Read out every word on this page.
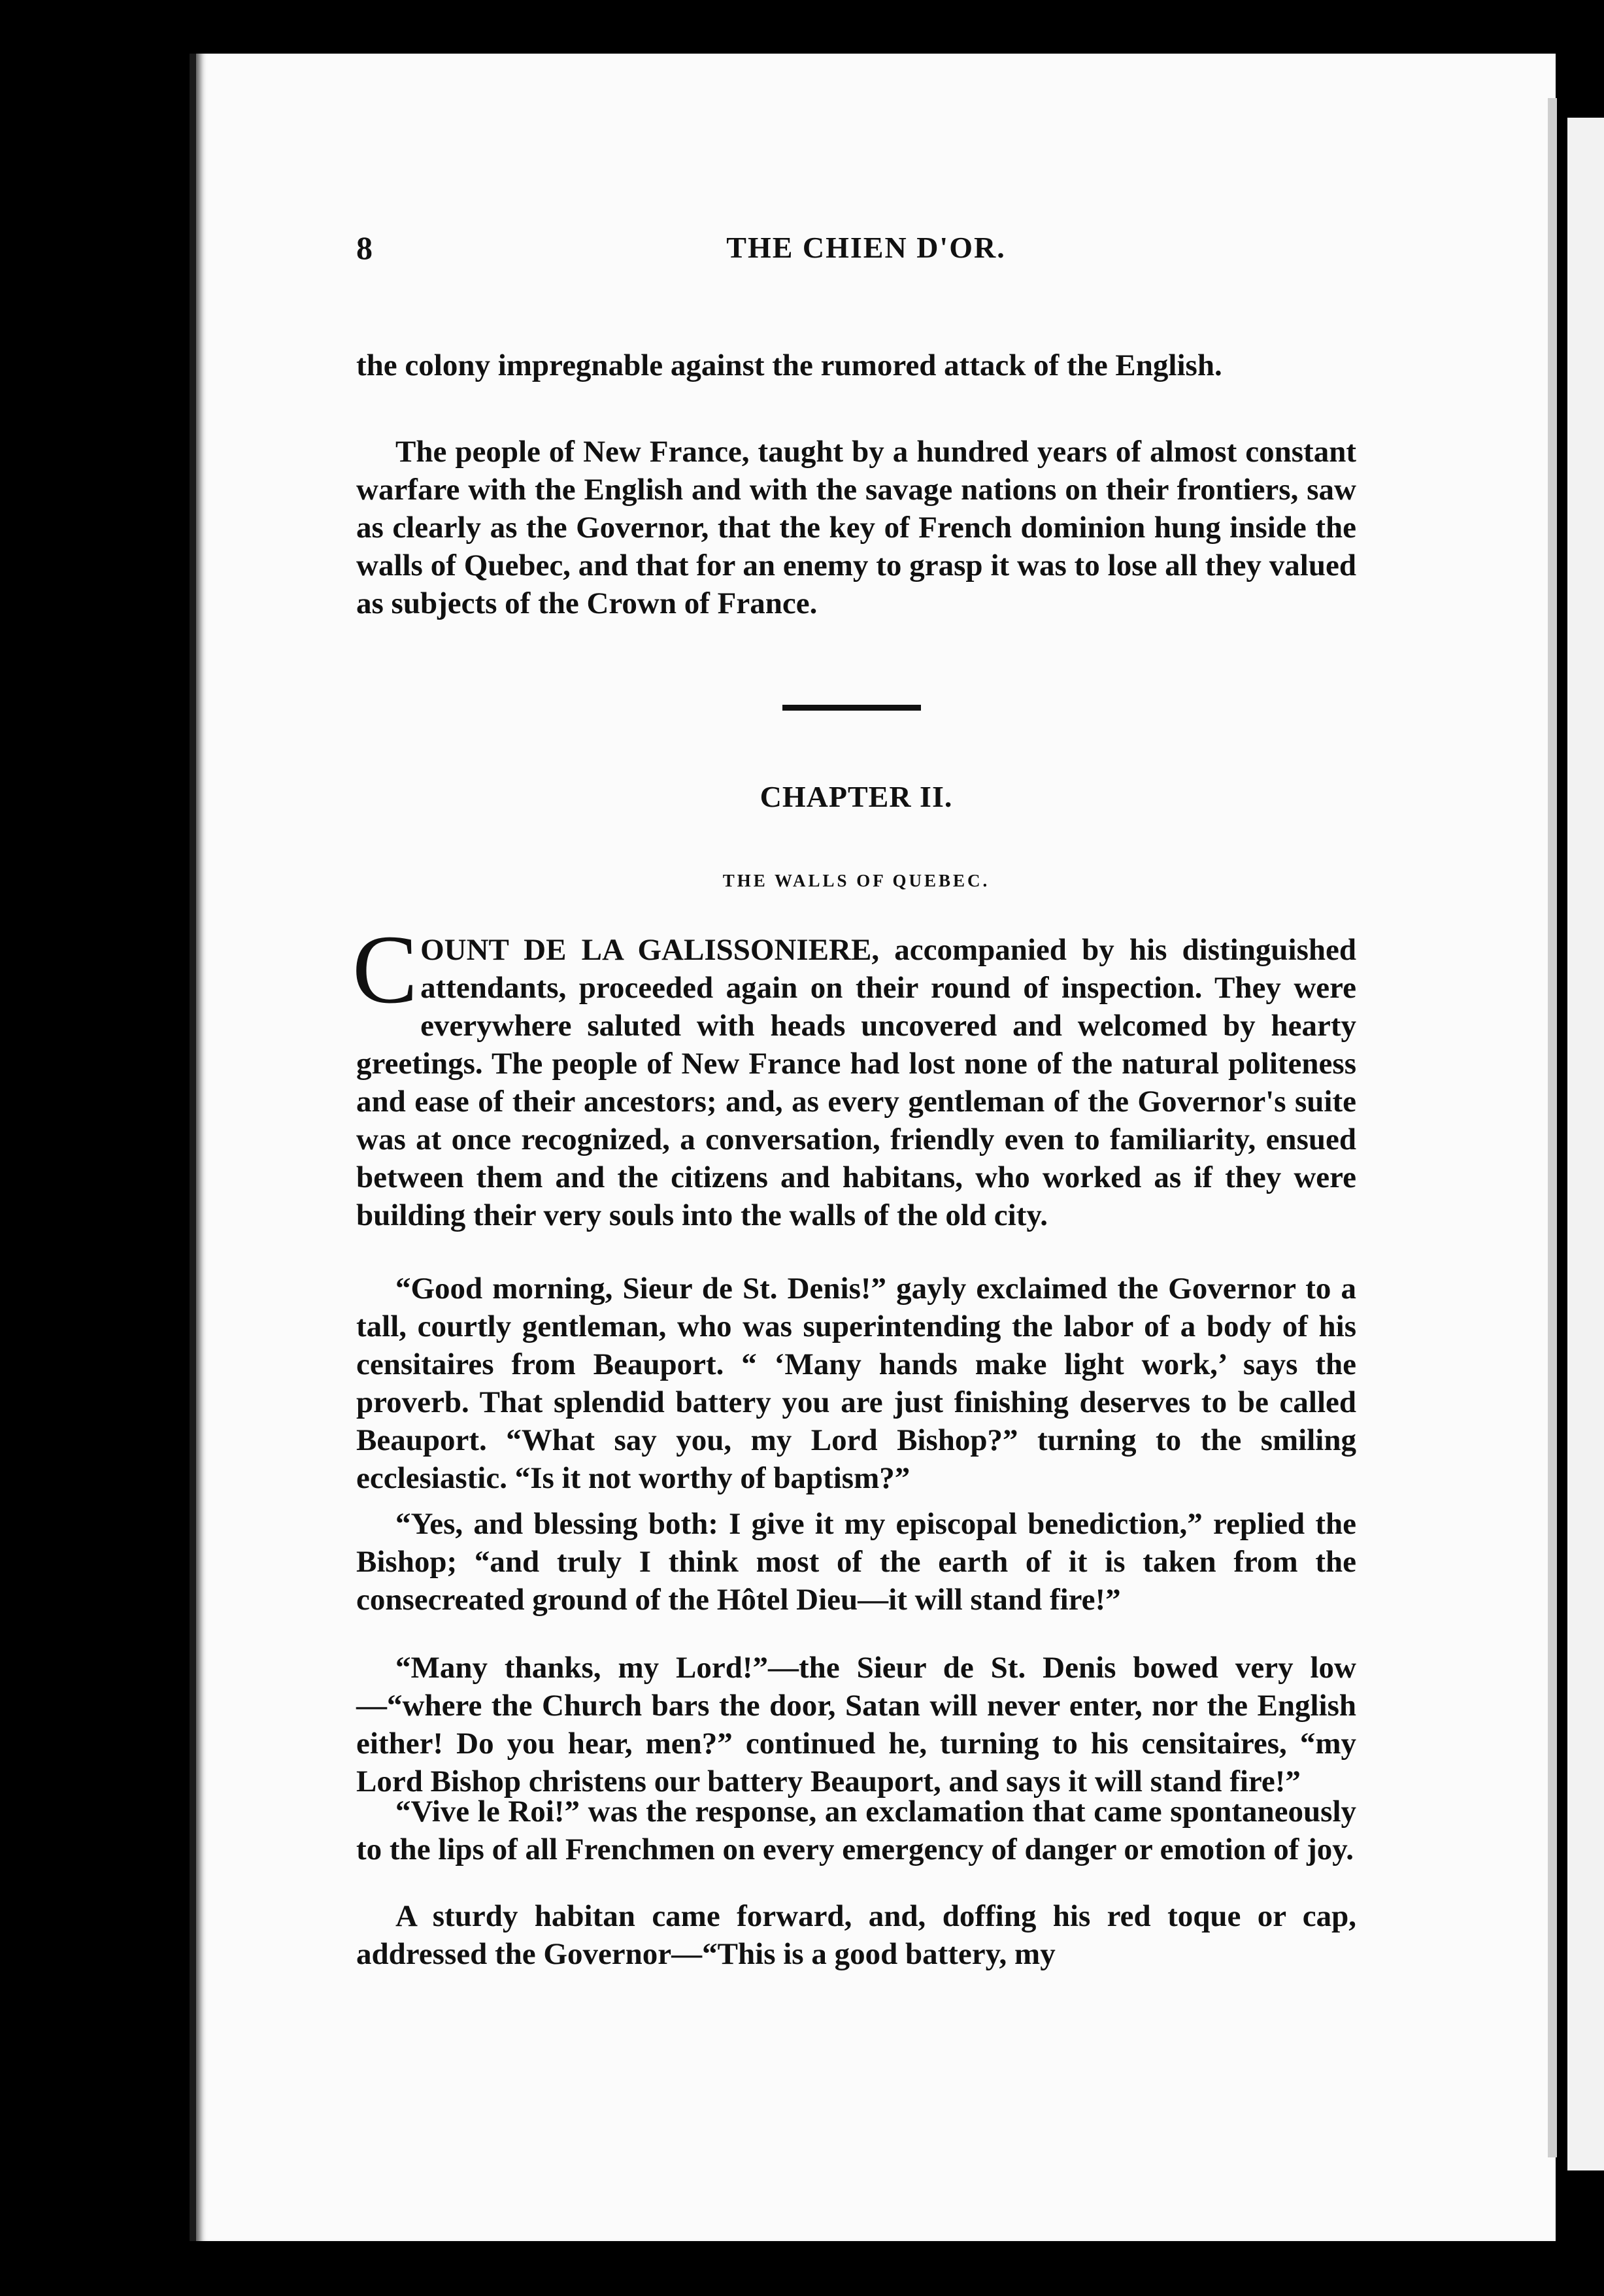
8	THE CHIEN D'OR.

the colony impregnable against the rumored attack of the English.

The people of New France, taught by a hundred years of almost constant warfare with the English and with the savage nations on their frontiers, saw as clearly as the Governor, that the key of French dominion hung inside the walls of Quebec, and that for an enemy to grasp it was to lose all they valued as subjects of the Crown of France.

CHAPTER II.
THE WALLS OF QUEBEC.

COUNT DE LA GALISSONIERE, accompanied by his distinguished attendants, proceeded again on their round of inspection. They were everywhere saluted with heads uncovered and welcomed by hearty greetings. The people of New France had lost none of the natural politeness and ease of their ancestors; and, as every gentleman of the Governor's suite was at once recognized, a conversation, friendly even to familiarity, ensued between them and the citizens and habitans, who worked as if they were building their very souls into the walls of the old city.

“Good morning, Sieur de St. Denis!” gayly exclaimed the Governor to a tall, courtly gentleman, who was superintending the labor of a body of his censitaires from Beauport. “ ‘Many hands make light work,’ says the proverb. That splendid battery you are just finishing deserves to be called Beauport. “What say you, my Lord Bishop?” turning to the smiling ecclesiastic. “Is it not worthy of baptism?”

“Yes, and blessing both: I give it my episcopal benediction,” replied the Bishop; “and truly I think most of the earth of it is taken from the consecreated ground of the Hôtel Dieu—it will stand fire!”

“Many thanks, my Lord!”—the Sieur de St. Denis bowed very low—“where the Church bars the door, Satan will never enter, nor the English either! Do you hear, men?” continued he, turning to his censitaires, “my Lord Bishop christens our battery Beauport, and says it will stand fire!”

“Vive le Roi!” was the response, an exclamation that came spontaneously to the lips of all Frenchmen on every emergency of danger or emotion of joy.

A sturdy habitan came forward, and, doffing his red toque or cap, addressed the Governor—“This is a good battery, my
